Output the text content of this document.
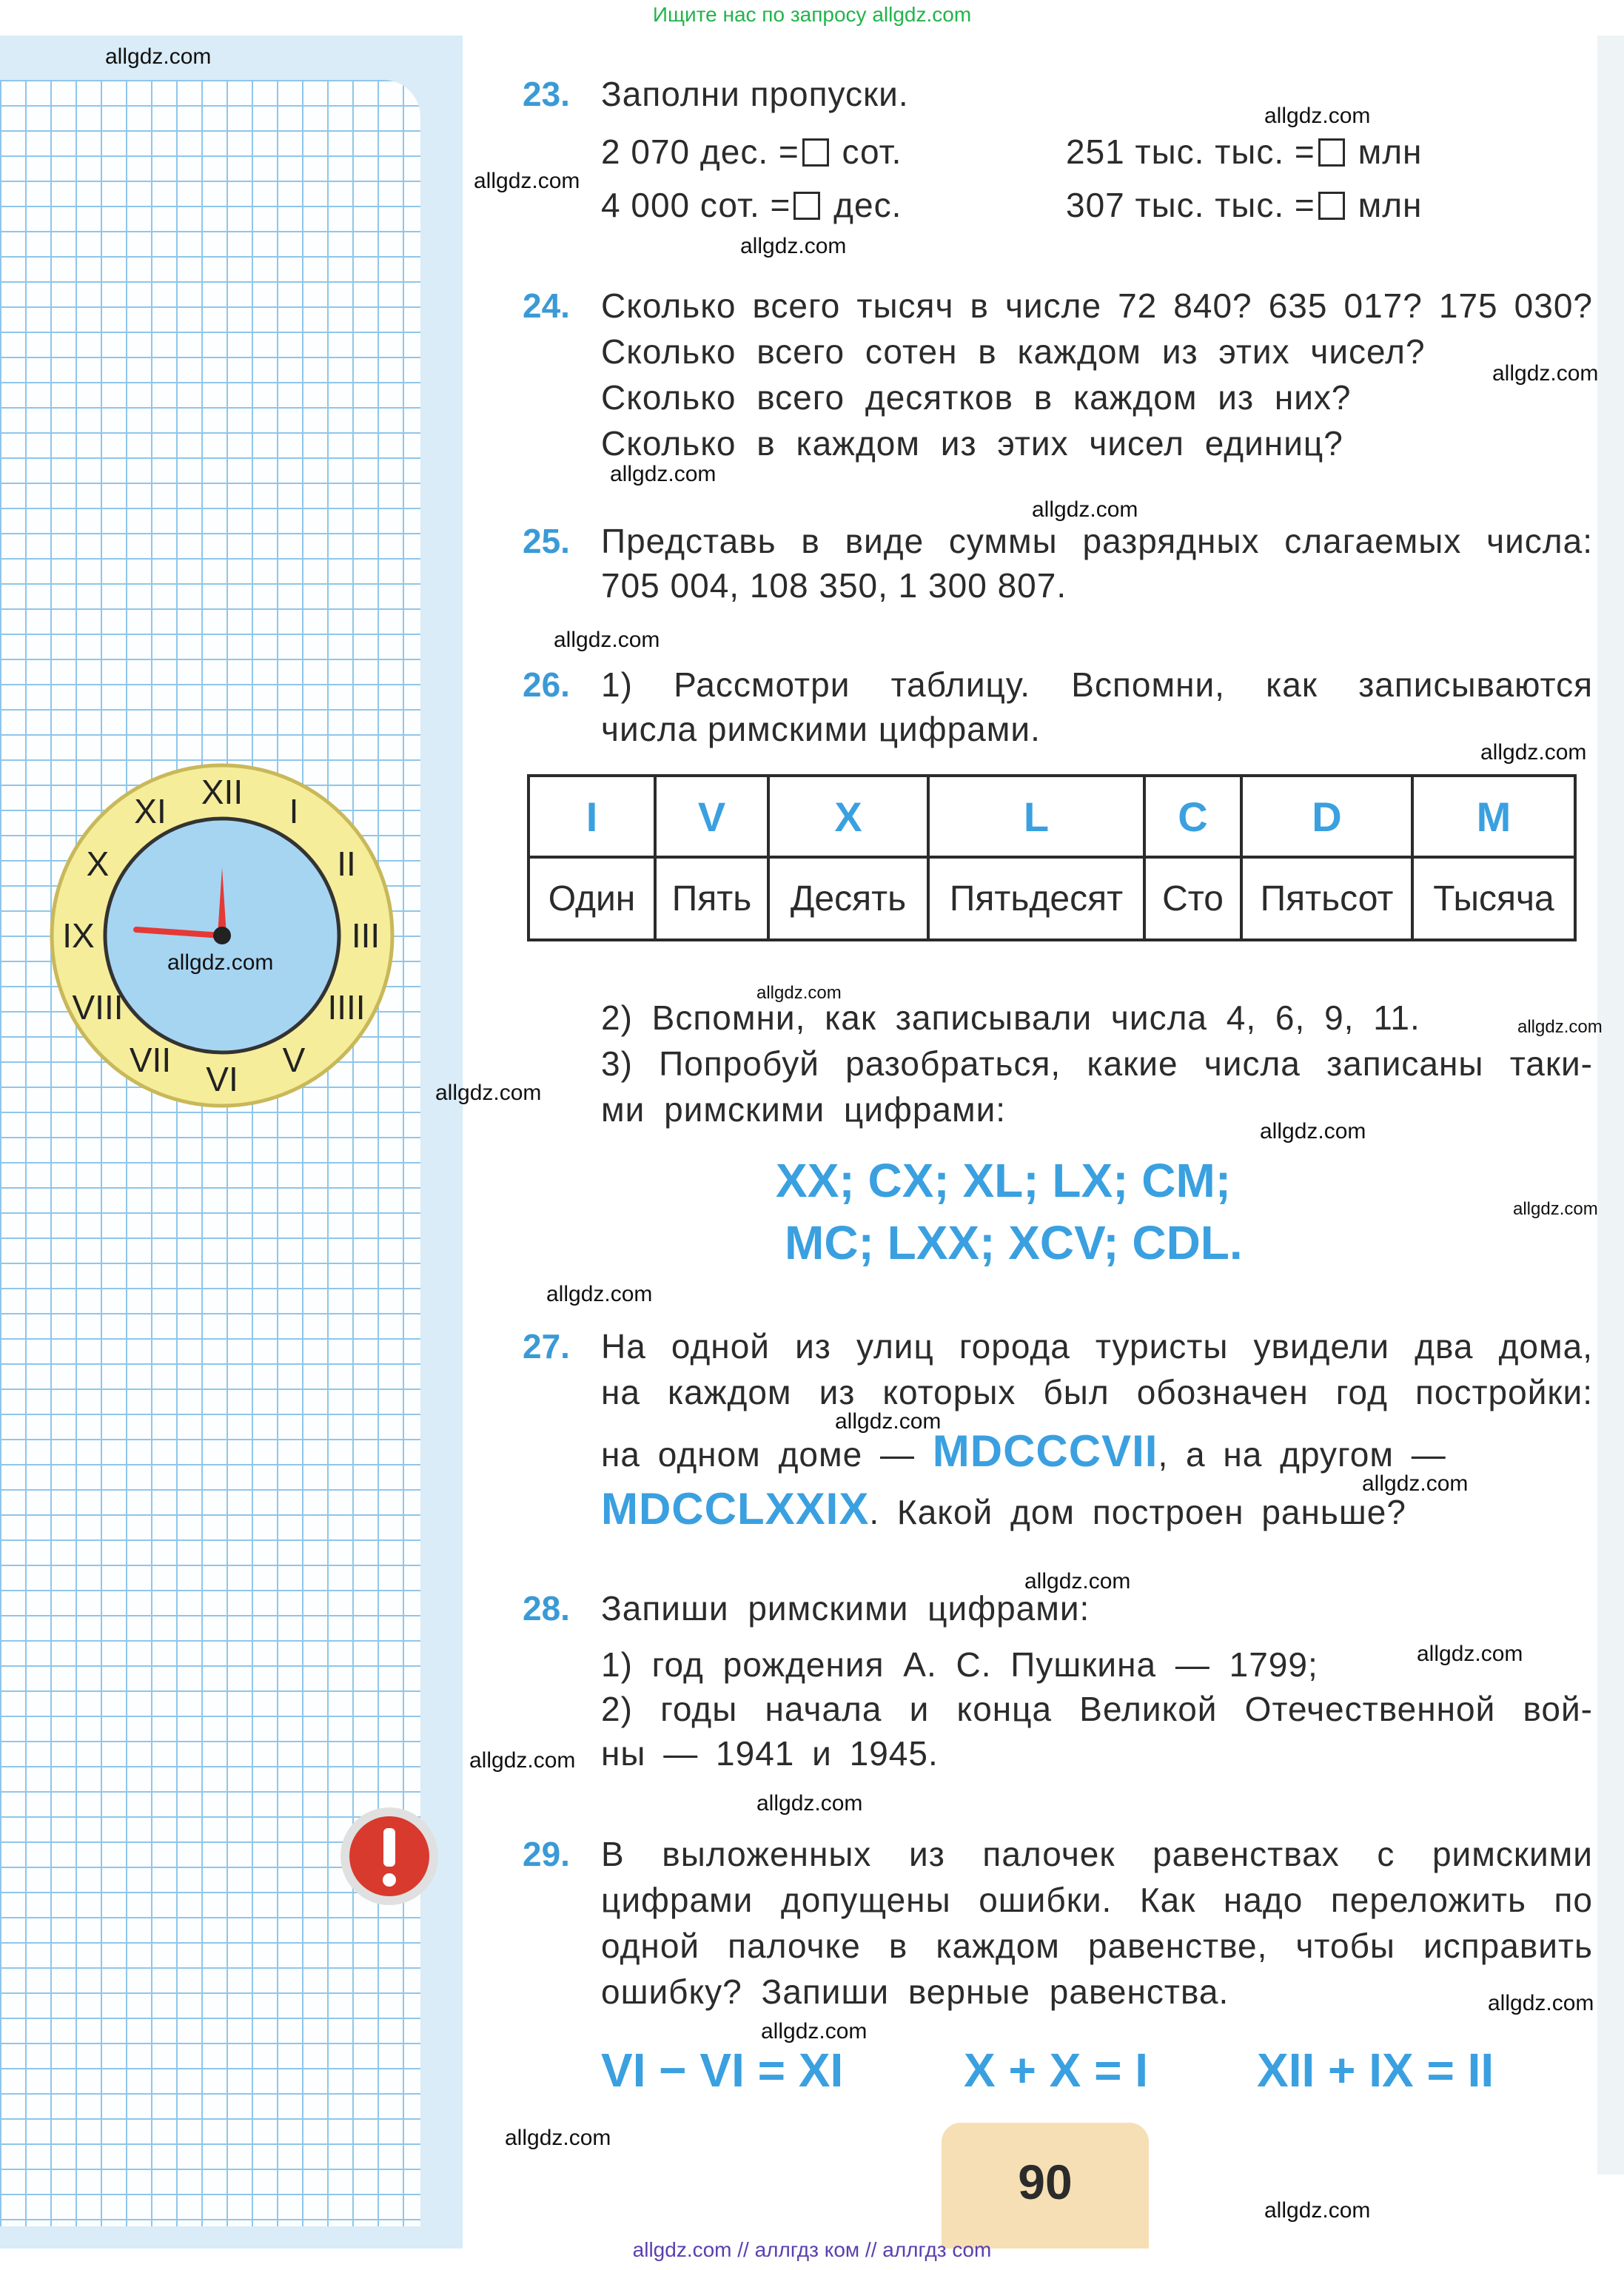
Ищите нас по запросу allgdz.com
XII I
II
III
IIII
V
VI
VII
VIII
IX
X
XI
23. Заполни пропуски.
2 070 дес. = сот.	251 тыс. тыс. = млн
4 000 сот. = дес.	307 тыс. тыс. = млн
24. Сколько всего тысяч в числе 72 840? 635 017? 175 030?
Сколько всего сотен в каждом из этих чисел?
Сколько всего десятков в каждом из них?
Сколько в каждом из этих чисел единиц?
25. Представь в виде суммы разрядных слагаемых числа:
705 004, 108 350, 1 300 807.
26. 1) Рассмотри таблицу. Вспомни, как записываются
числа римскими цифрами.
I	V	X	L	C	D	M
Один	Пять	Десять	Пятьдесят	Сто	Пятьсот	Тысяча
2) Вспомни, как записывали числа 4, 6, 9, 11.
3) Попробуй разобраться, какие числа записаны таки-
ми римскими цифрами:
XX; CX; XL; LX; CM;
MC; LXX; XCV; CDL.
27. На одной из улиц города туристы увидели два дома,
на каждом из которых был обозначен год постройки:
на одном доме — MDCCCVII, а на другом —
MDCCLXXIX. Какой дом построен раньше?
28. Запиши римскими цифрами:
1) год рождения А. С. Пушкина — 1799;
2) годы начала и конца Великой Отечественной вой-
ны — 1941 и 1945.
29. В выложенных из палочек равенствах с римскими
цифрами допущены ошибки. Как надо переложить по
одной палочке в каждом равенстве, чтобы исправить
ошибку? Запиши верные равенства.
VI − VI = XI	X + X = I XII + IX = II
90
allgdz.com // аллгдз ком // аллгдз com
allgdz.com
allgdz.com
allgdz.com
allgdz.com
allgdz.com
allgdz.com
allgdz.com
allgdz.com
allgdz.com
allgdz.com
allgdz.com
allgdz.com
allgdz.com
allgdz.com
allgdz.com
allgdz.com
allgdz.com
allgdz.com
allgdz.com
allgdz.com
allgdz.com
allgdz.com
allgdz.com
allgdz.com
allgdz.com
allgdz.com
